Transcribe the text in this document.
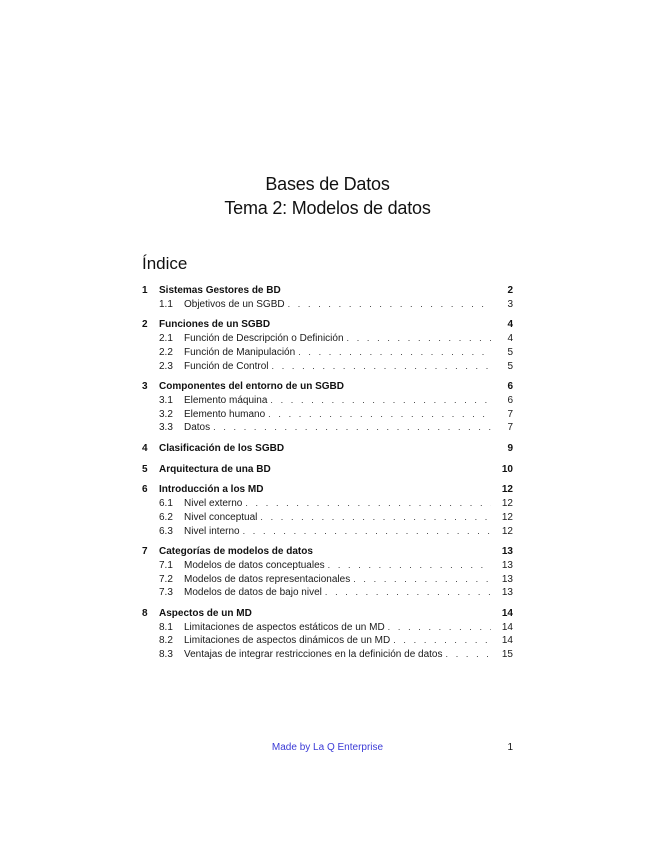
Bases de Datos
Tema 2: Modelos de datos
Índice
1	Sistemas Gestores de BD	2
1.1	Objetivos de un SGBD . . .	3
2	Funciones de un SGBD	4
2.1	Función de Descripción o Definición . . .	4
2.2	Función de Manipulación . . .	5
2.3	Función de Control . . .	5
3	Componentes del entorno de un SGBD	6
3.1	Elemento máquina . . .	6
3.2	Elemento humano . . .	7
3.3	Datos . . .	7
4	Clasificación de los SGBD	9
5	Arquitectura de una BD	10
6	Introducción a los MD	12
6.1	Nivel externo . . .	12
6.2	Nivel conceptual . . .	12
6.3	Nivel interno . . .	12
7	Categorías de modelos de datos	13
7.1	Modelos de datos conceptuales . . .	13
7.2	Modelos de datos representacionales . . .	13
7.3	Modelos de datos de bajo nivel . . .	13
8	Aspectos de un MD	14
8.1	Limitaciones de aspectos estáticos de un MD . . .	14
8.2	Limitaciones de aspectos dinámicos de un MD . . .	14
8.3	Ventajas de integrar restricciones en la definición de datos . . .	15
Made by La Q Enterprise	1
